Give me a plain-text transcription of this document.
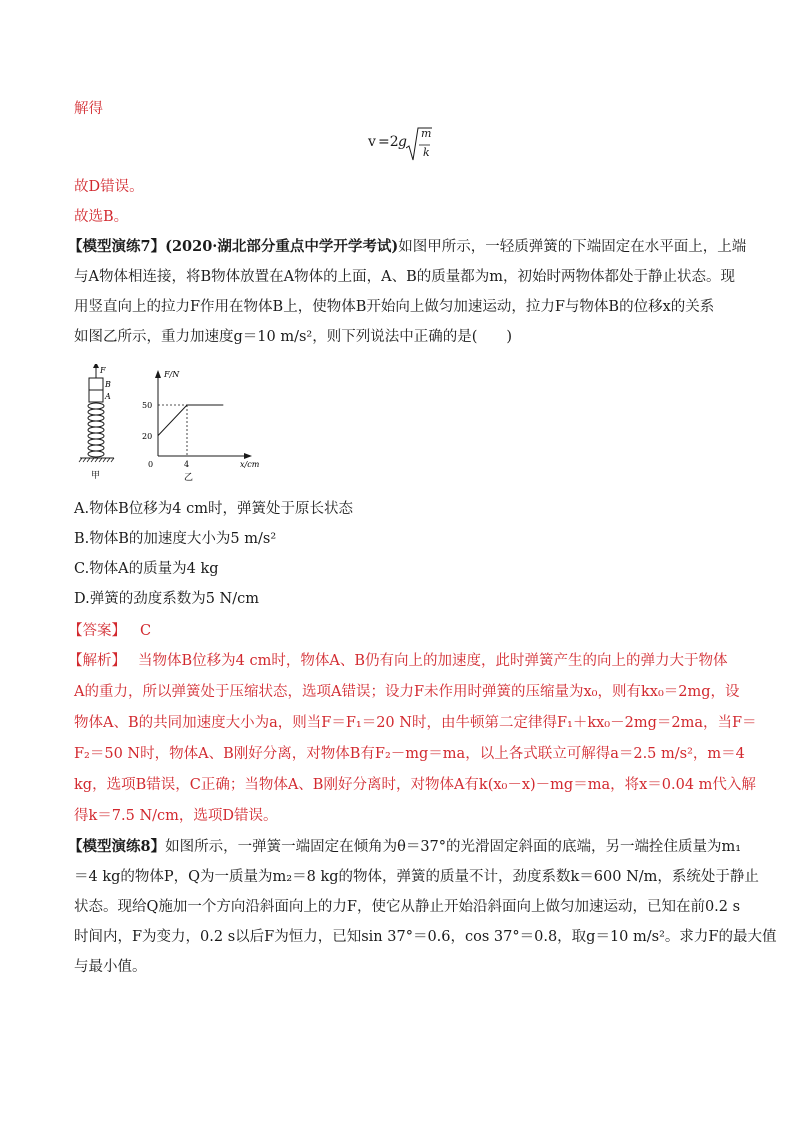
解得
v =2 g
m
k
故D错误。
故选B。
【模型演练7】(2020·湖北部分重点中学开学考试)如图甲所示，一轻质弹簧的下端固定在水平面上，上端
与A物体相连接，将B物体放置在A物体的上面，A、B的质量都为m，初始时两物体都处于静止状态。现
用竖直向上的拉力F作用在物体B上，使物体B开始向上做匀加速运动，拉力F与物体B的位移x的关系
如图乙所示，重力加速度g＝10 m/s²，则下列说法中正确的是(　　)
F
B
A
甲
F/N
x/cm
0
50
20
4
乙
A.物体B位移为4 cm时，弹簧处于原长状态
B.物体B的加速度大小为5 m/s²
C.物体A的质量为4 kg
D.弹簧的劲度系数为5 N/cm
【答案】 C
【解析】 当物体B位移为4 cm时，物体A、B仍有向上的加速度，此时弹簧产生的向上的弹力大于物体
A的重力，所以弹簧处于压缩状态，选项A错误；设力F未作用时弹簧的压缩量为x₀，则有kx₀＝2mg，设
物体A、B的共同加速度大小为a，则当F＝F₁＝20 N时，由牛顿第二定律得F₁＋kx₀－2mg＝2ma，当F＝
F₂＝50 N时，物体A、B刚好分离，对物体B有F₂－mg＝ma，以上各式联立可解得a＝2.5 m/s²，m＝4
kg，选项B错误，C正确；当物体A、B刚好分离时，对物体A有k(x₀－x)－mg＝ma，将x＝0.04 m代入解
得k＝7.5 N/cm，选项D错误。
【模型演练8】如图所示，一弹簧一端固定在倾角为θ＝37°的光滑固定斜面的底端，另一端拴住质量为m₁
＝4 kg的物体P，Q为一质量为m₂＝8 kg的物体，弹簧的质量不计，劲度系数k＝600 N/m，系统处于静止
状态。现给Q施加一个方向沿斜面向上的力F，使它从静止开始沿斜面向上做匀加速运动，已知在前0.2 s
时间内，F为变力，0.2 s以后F为恒力，已知sin 37°＝0.6，cos 37°＝0.8，取g＝10 m/s²。求力F的最大值
与最小值。
